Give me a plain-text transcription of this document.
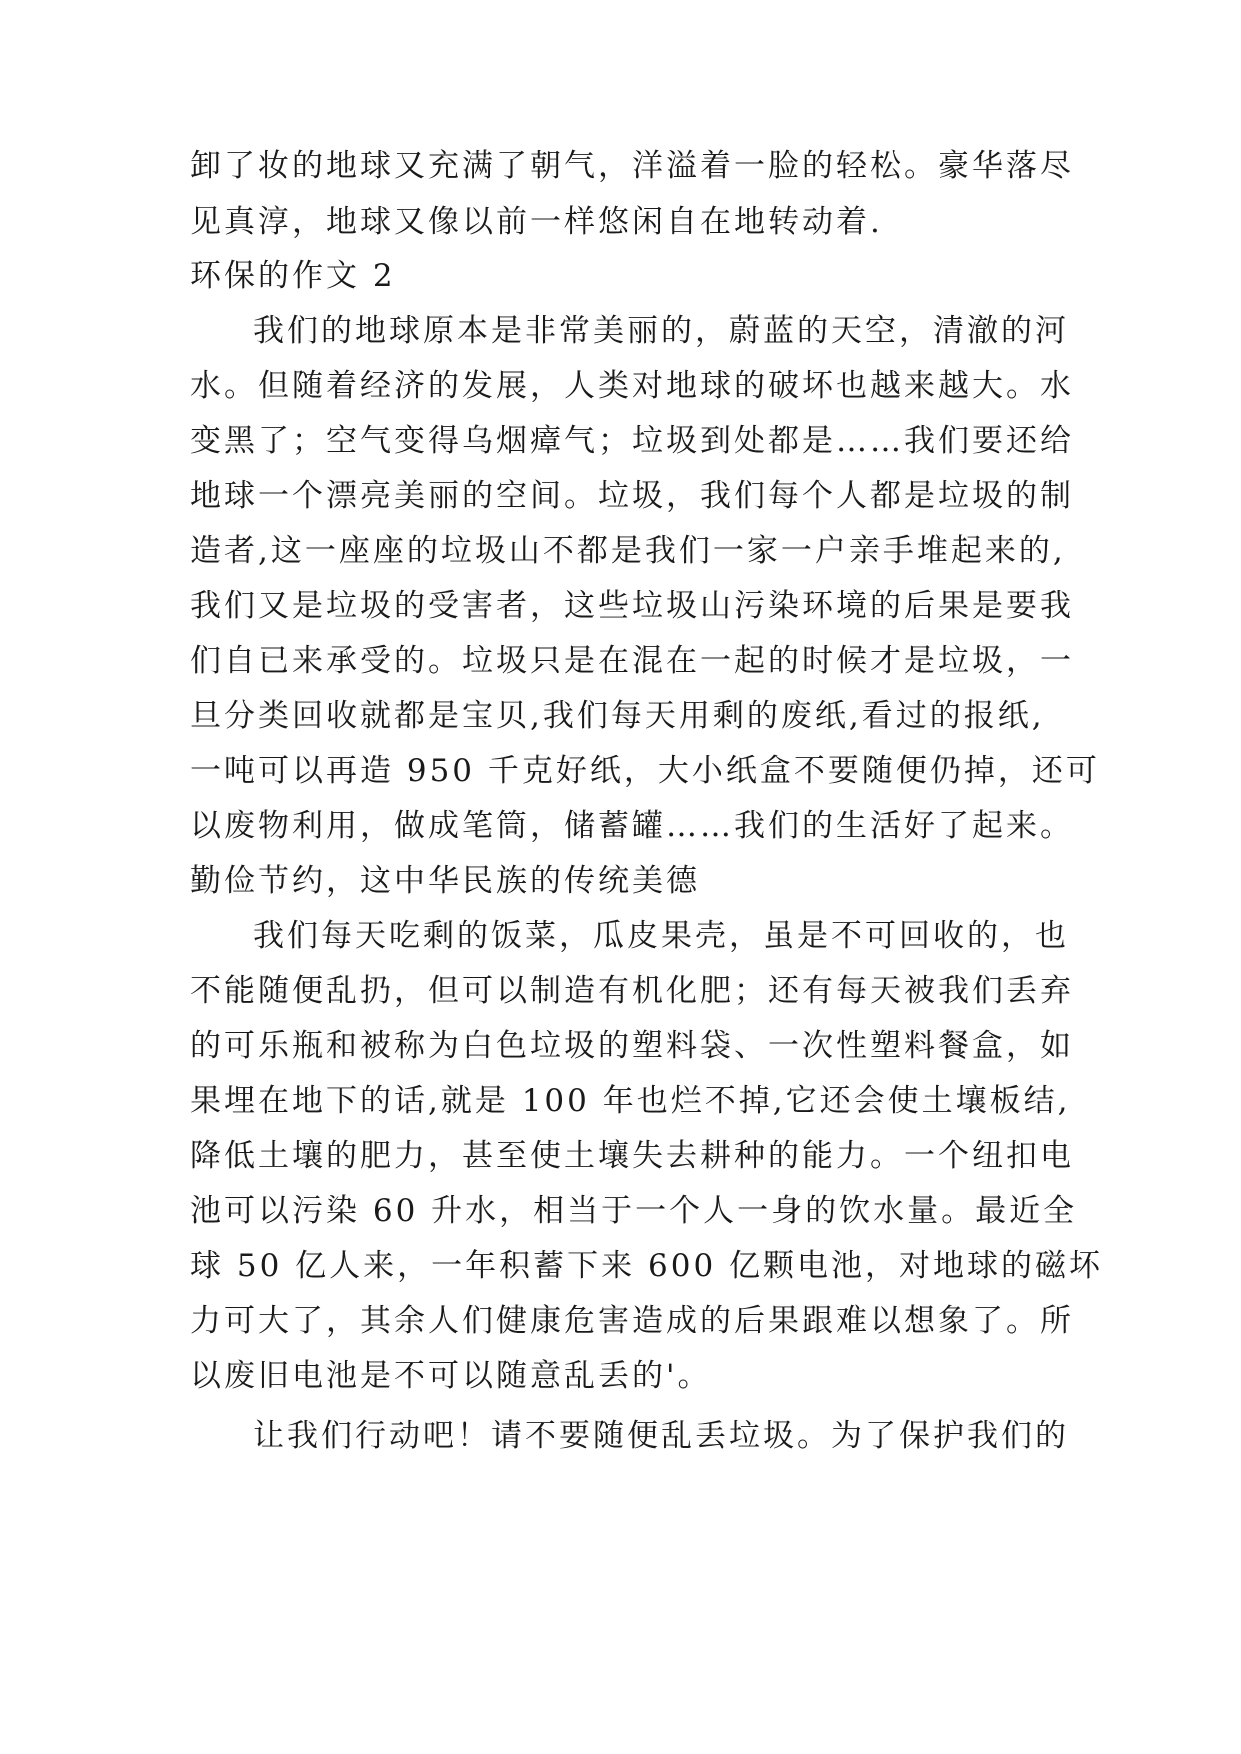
卸了妆的地球又充满了朝气，洋溢着一脸的轻松。豪华落尽
见真淳，地球又像以前一样悠闲自在地转动着.
环保的作文 2
我们的地球原本是非常美丽的，蔚蓝的天空，清澈的河
水。但随着经济的发展，人类对地球的破坏也越来越大。水
变黑了；空气变得乌烟瘴气；垃圾到处都是……我们要还给
地球一个漂亮美丽的空间。垃圾，我们每个人都是垃圾的制
造者,这一座座的垃圾山不都是我们一家一户亲手堆起来的,
我们又是垃圾的受害者，这些垃圾山污染环境的后果是要我
们自已来承受的。垃圾只是在混在一起的时候才是垃圾，一
旦分类回收就都是宝贝,我们每天用剩的废纸,看过的报纸,
一吨可以再造 950 千克好纸，大小纸盒不要随便仍掉，还可
以废物利用，做成笔筒，储蓄罐……我们的生活好了起来。
勤俭节约，这中华民族的传统美德
我们每天吃剩的饭菜，瓜皮果壳，虽是不可回收的，也
不能随便乱扔，但可以制造有机化肥；还有每天被我们丢弃
的可乐瓶和被称为白色垃圾的塑料袋、一次性塑料餐盒，如
果埋在地下的话,就是 100 年也烂不掉,它还会使土壤板结,
降低土壤的肥力，甚至使土壤失去耕种的能力。一个纽扣电
池可以污染 60 升水，相当于一个人一身的饮水量。最近全
球 50 亿人来，一年积蓄下来 600 亿颗电池，对地球的磁坏
力可大了，其余人们健康危害造成的后果跟难以想象了。所
以废旧电池是不可以随意乱丢的'。
让我们行动吧！请不要随便乱丢垃圾。为了保护我们的
